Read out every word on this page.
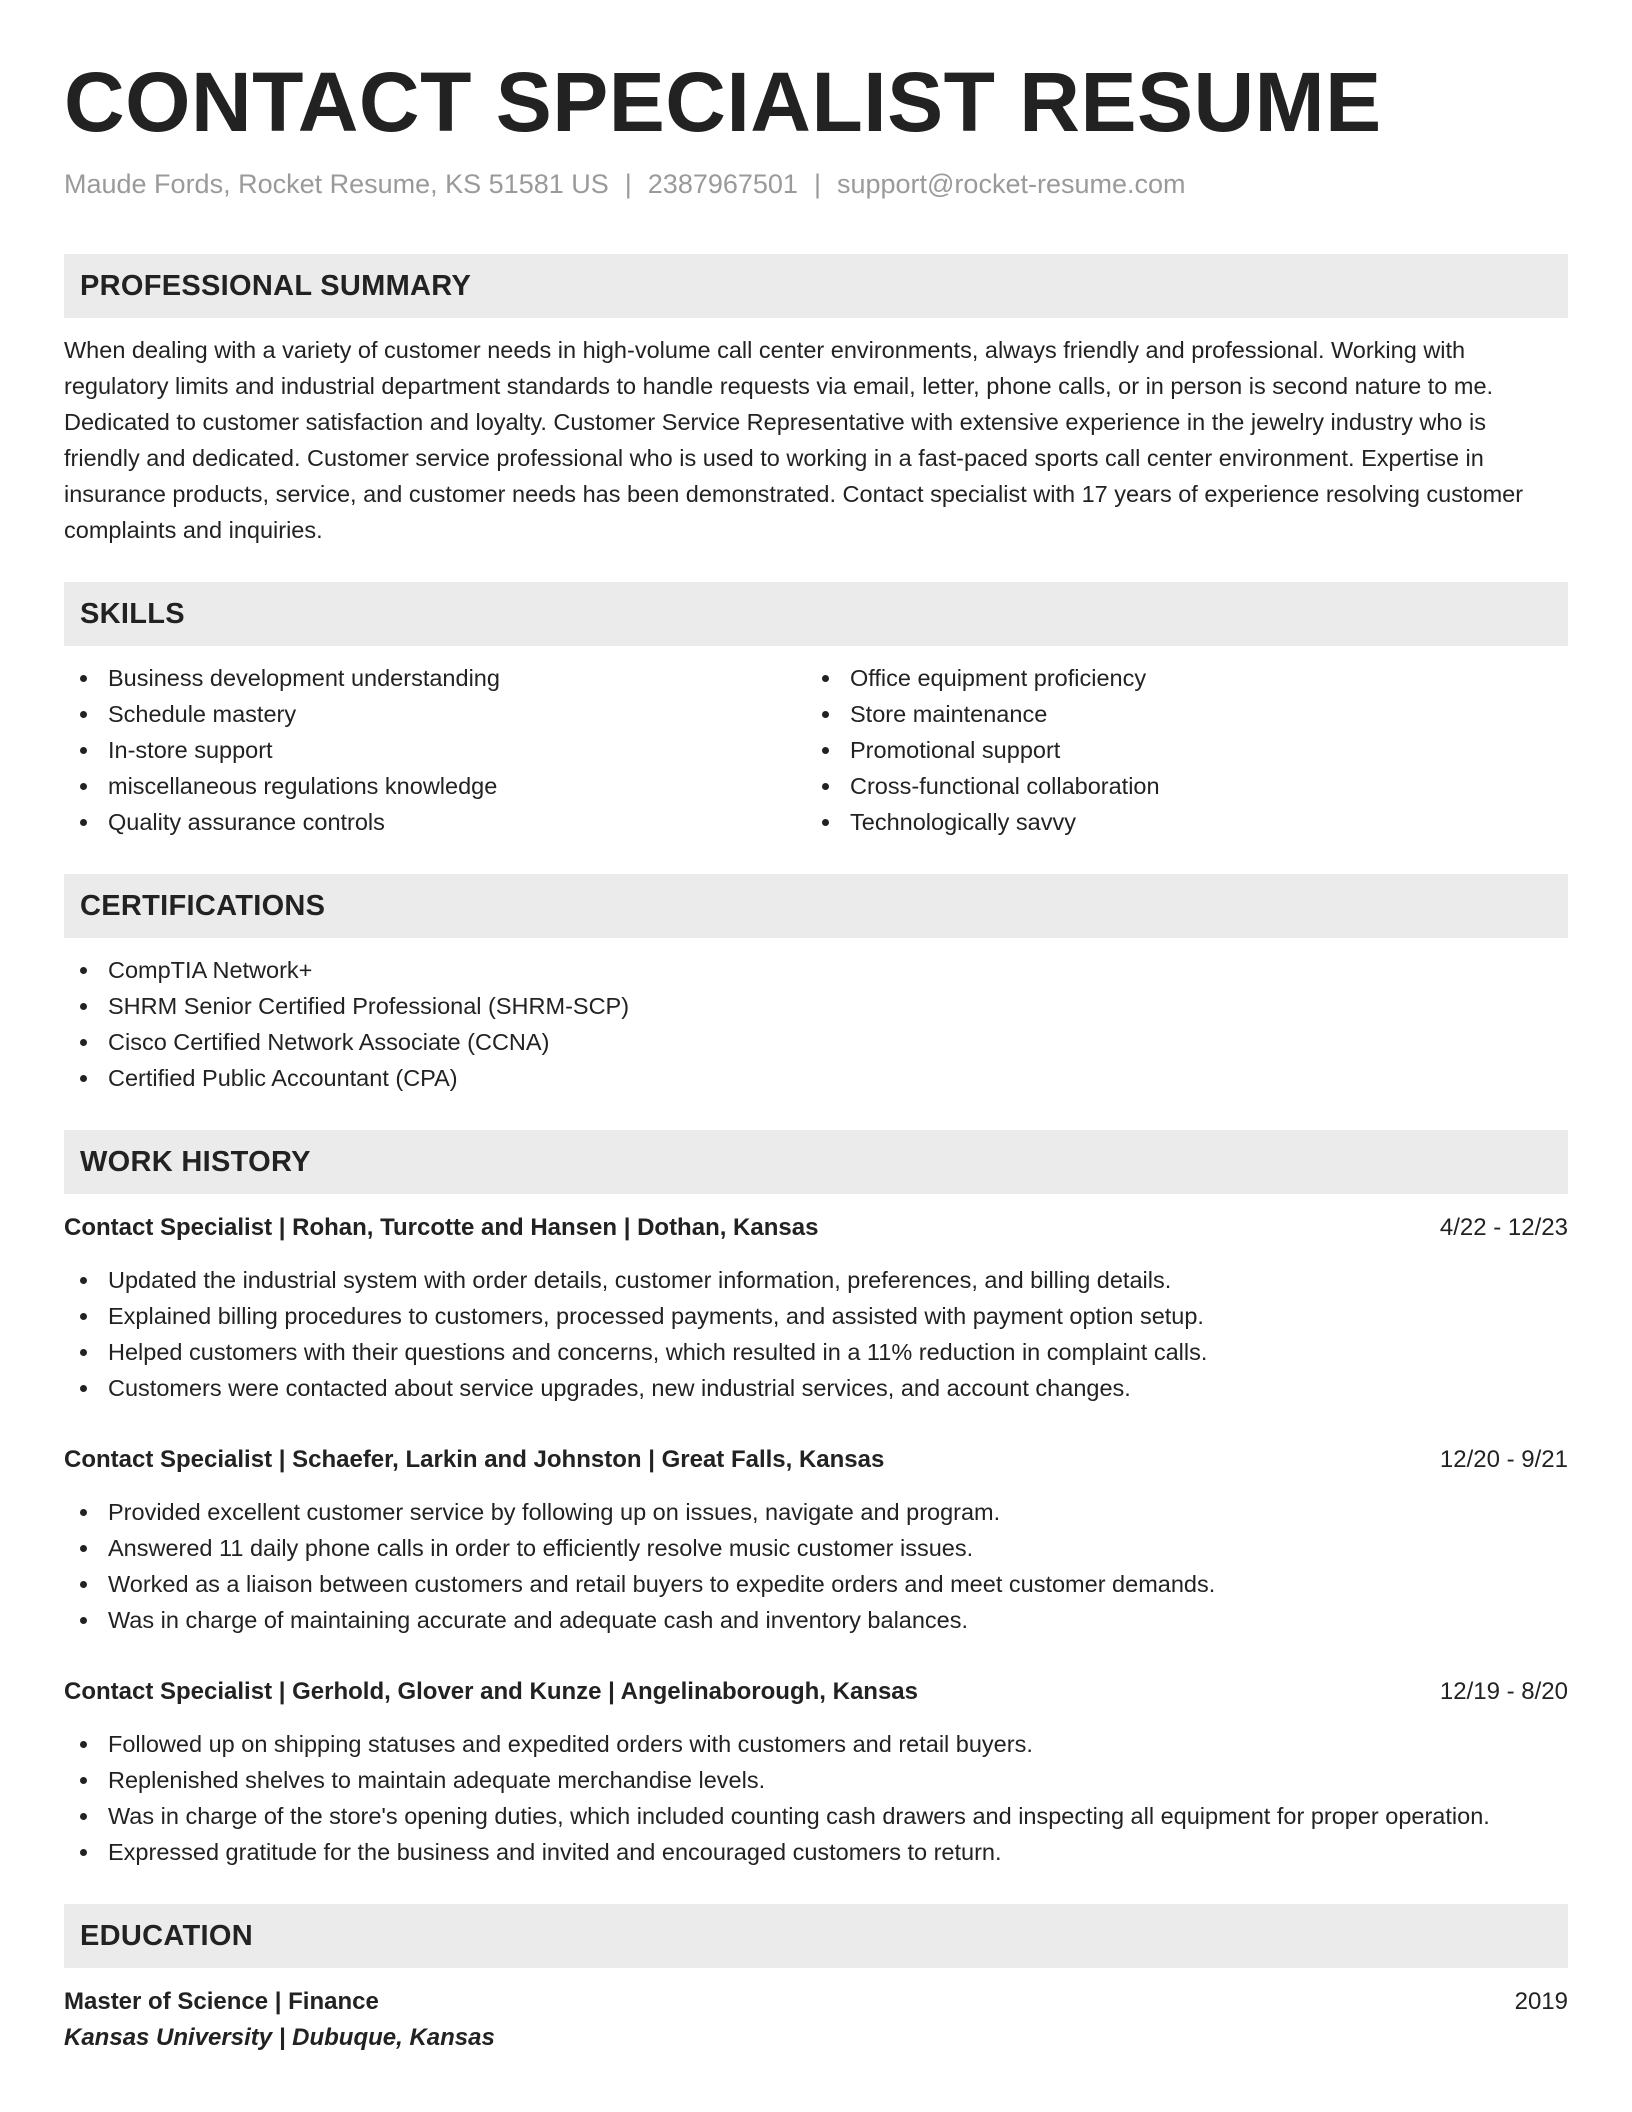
CONTACT SPECIALIST RESUME
Maude Fords, Rocket Resume, KS 51581 US | 2387967501 | support@rocket-resume.com
PROFESSIONAL SUMMARY

When dealing with a variety of customer needs in high-volume call center environments, always friendly and professional. Working with regulatory limits and industrial department standards to handle requests via email, letter, phone calls, or in person is second nature to me. Dedicated to customer satisfaction and loyalty. Customer Service Representative with extensive experience in the jewelry industry who is friendly and dedicated. Customer service professional who is used to working in a fast-paced sports call center environment. Expertise in insurance products, service, and customer needs has been demonstrated. Contact specialist with 17 years of experience resolving customer complaints and inquiries.

SKILLS
Business development understanding
Schedule mastery
In-store support
miscellaneous regulations knowledge
Quality assurance controls
Office equipment proficiency
Store maintenance
Promotional support
Cross-functional collaboration
Technologically savvy
CERTIFICATIONS
CompTIA Network+
SHRM Senior Certified Professional (SHRM-SCP)
Cisco Certified Network Associate (CCNA)
Certified Public Accountant (CPA)
WORK HISTORY
Contact Specialist | Rohan, Turcotte and Hansen | Dothan, Kansas	4/22 - 12/23
Updated the industrial system with order details, customer information, preferences, and billing details.
Explained billing procedures to customers, processed payments, and assisted with payment option setup.
Helped customers with their questions and concerns, which resulted in a 11% reduction in complaint calls.
Customers were contacted about service upgrades, new industrial services, and account changes.
Contact Specialist | Schaefer, Larkin and Johnston | Great Falls, Kansas	12/20 - 9/21
Provided excellent customer service by following up on issues, navigate and program.
Answered 11 daily phone calls in order to efficiently resolve music customer issues.
Worked as a liaison between customers and retail buyers to expedite orders and meet customer demands.
Was in charge of maintaining accurate and adequate cash and inventory balances.
Contact Specialist | Gerhold, Glover and Kunze | Angelinaborough, Kansas	12/19 - 8/20
Followed up on shipping statuses and expedited orders with customers and retail buyers.
Replenished shelves to maintain adequate merchandise levels.
Was in charge of the store's opening duties, which included counting cash drawers and inspecting all equipment for proper operation.
Expressed gratitude for the business and invited and encouraged customers to return.
EDUCATION
Master of Science | Finance	2019
Kansas University | Dubuque, Kansas
